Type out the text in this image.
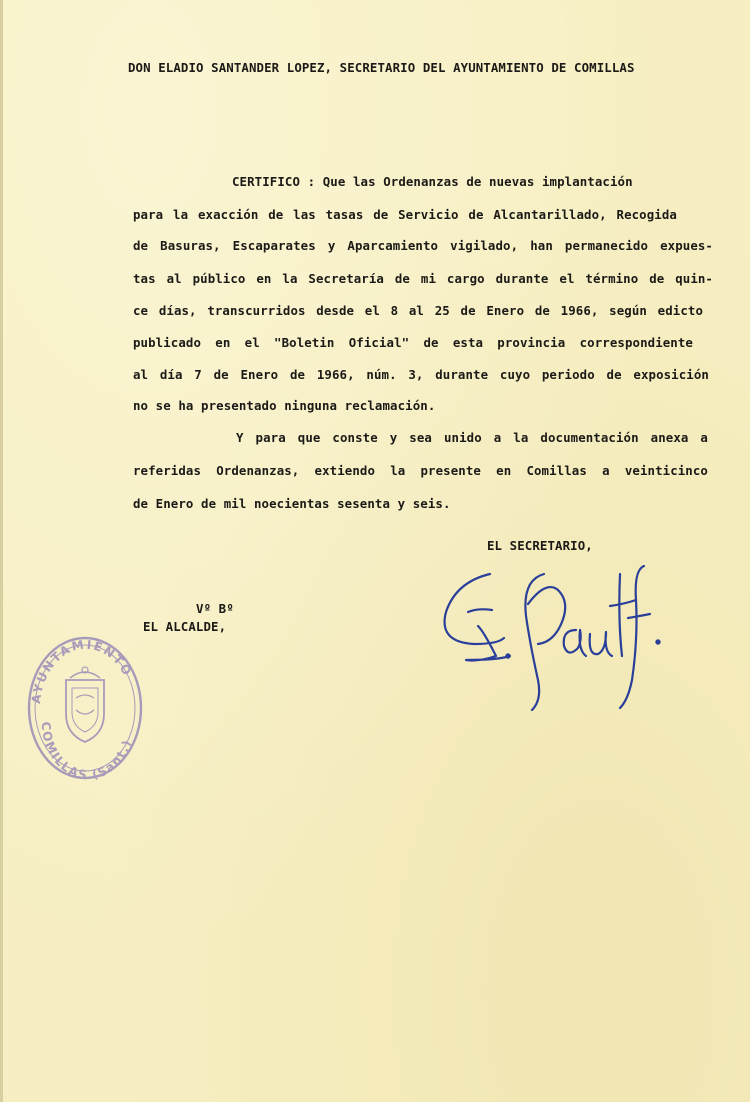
DON ELADIO SANTANDER LOPEZ, SECRETARIO DEL AYUNTAMIENTO DE COMILLAS
CERTIFICO : Que las Ordenanzas de nuevas implantación
para la exacción de las tasas de Servicio de Alcantarillado, Recogida
de Basuras, Escaparates y Aparcamiento vigilado, han permanecido expues-
tas al público en la Secretaría de mi cargo durante el término de quin-
ce días, transcurridos desde el 8 al 25 de Enero de 1966, según edicto
publicado en el "Boletin Oficial" de esta provincia correspondiente
al día 7 de Enero de 1966, núm. 3, durante cuyo periodo de exposición
no se ha presentado ninguna reclamación.
Y para que conste y sea unido a la documentación anexa a
referidas Ordenanzas, extiendo la presente en Comillas a veinticinco
de Enero de mil noecientas sesenta y seis.
EL SECRETARIO,
Vº Bº
EL ALCALDE,
AYUNTAMIENTO
COMILLAS (Sant.)
